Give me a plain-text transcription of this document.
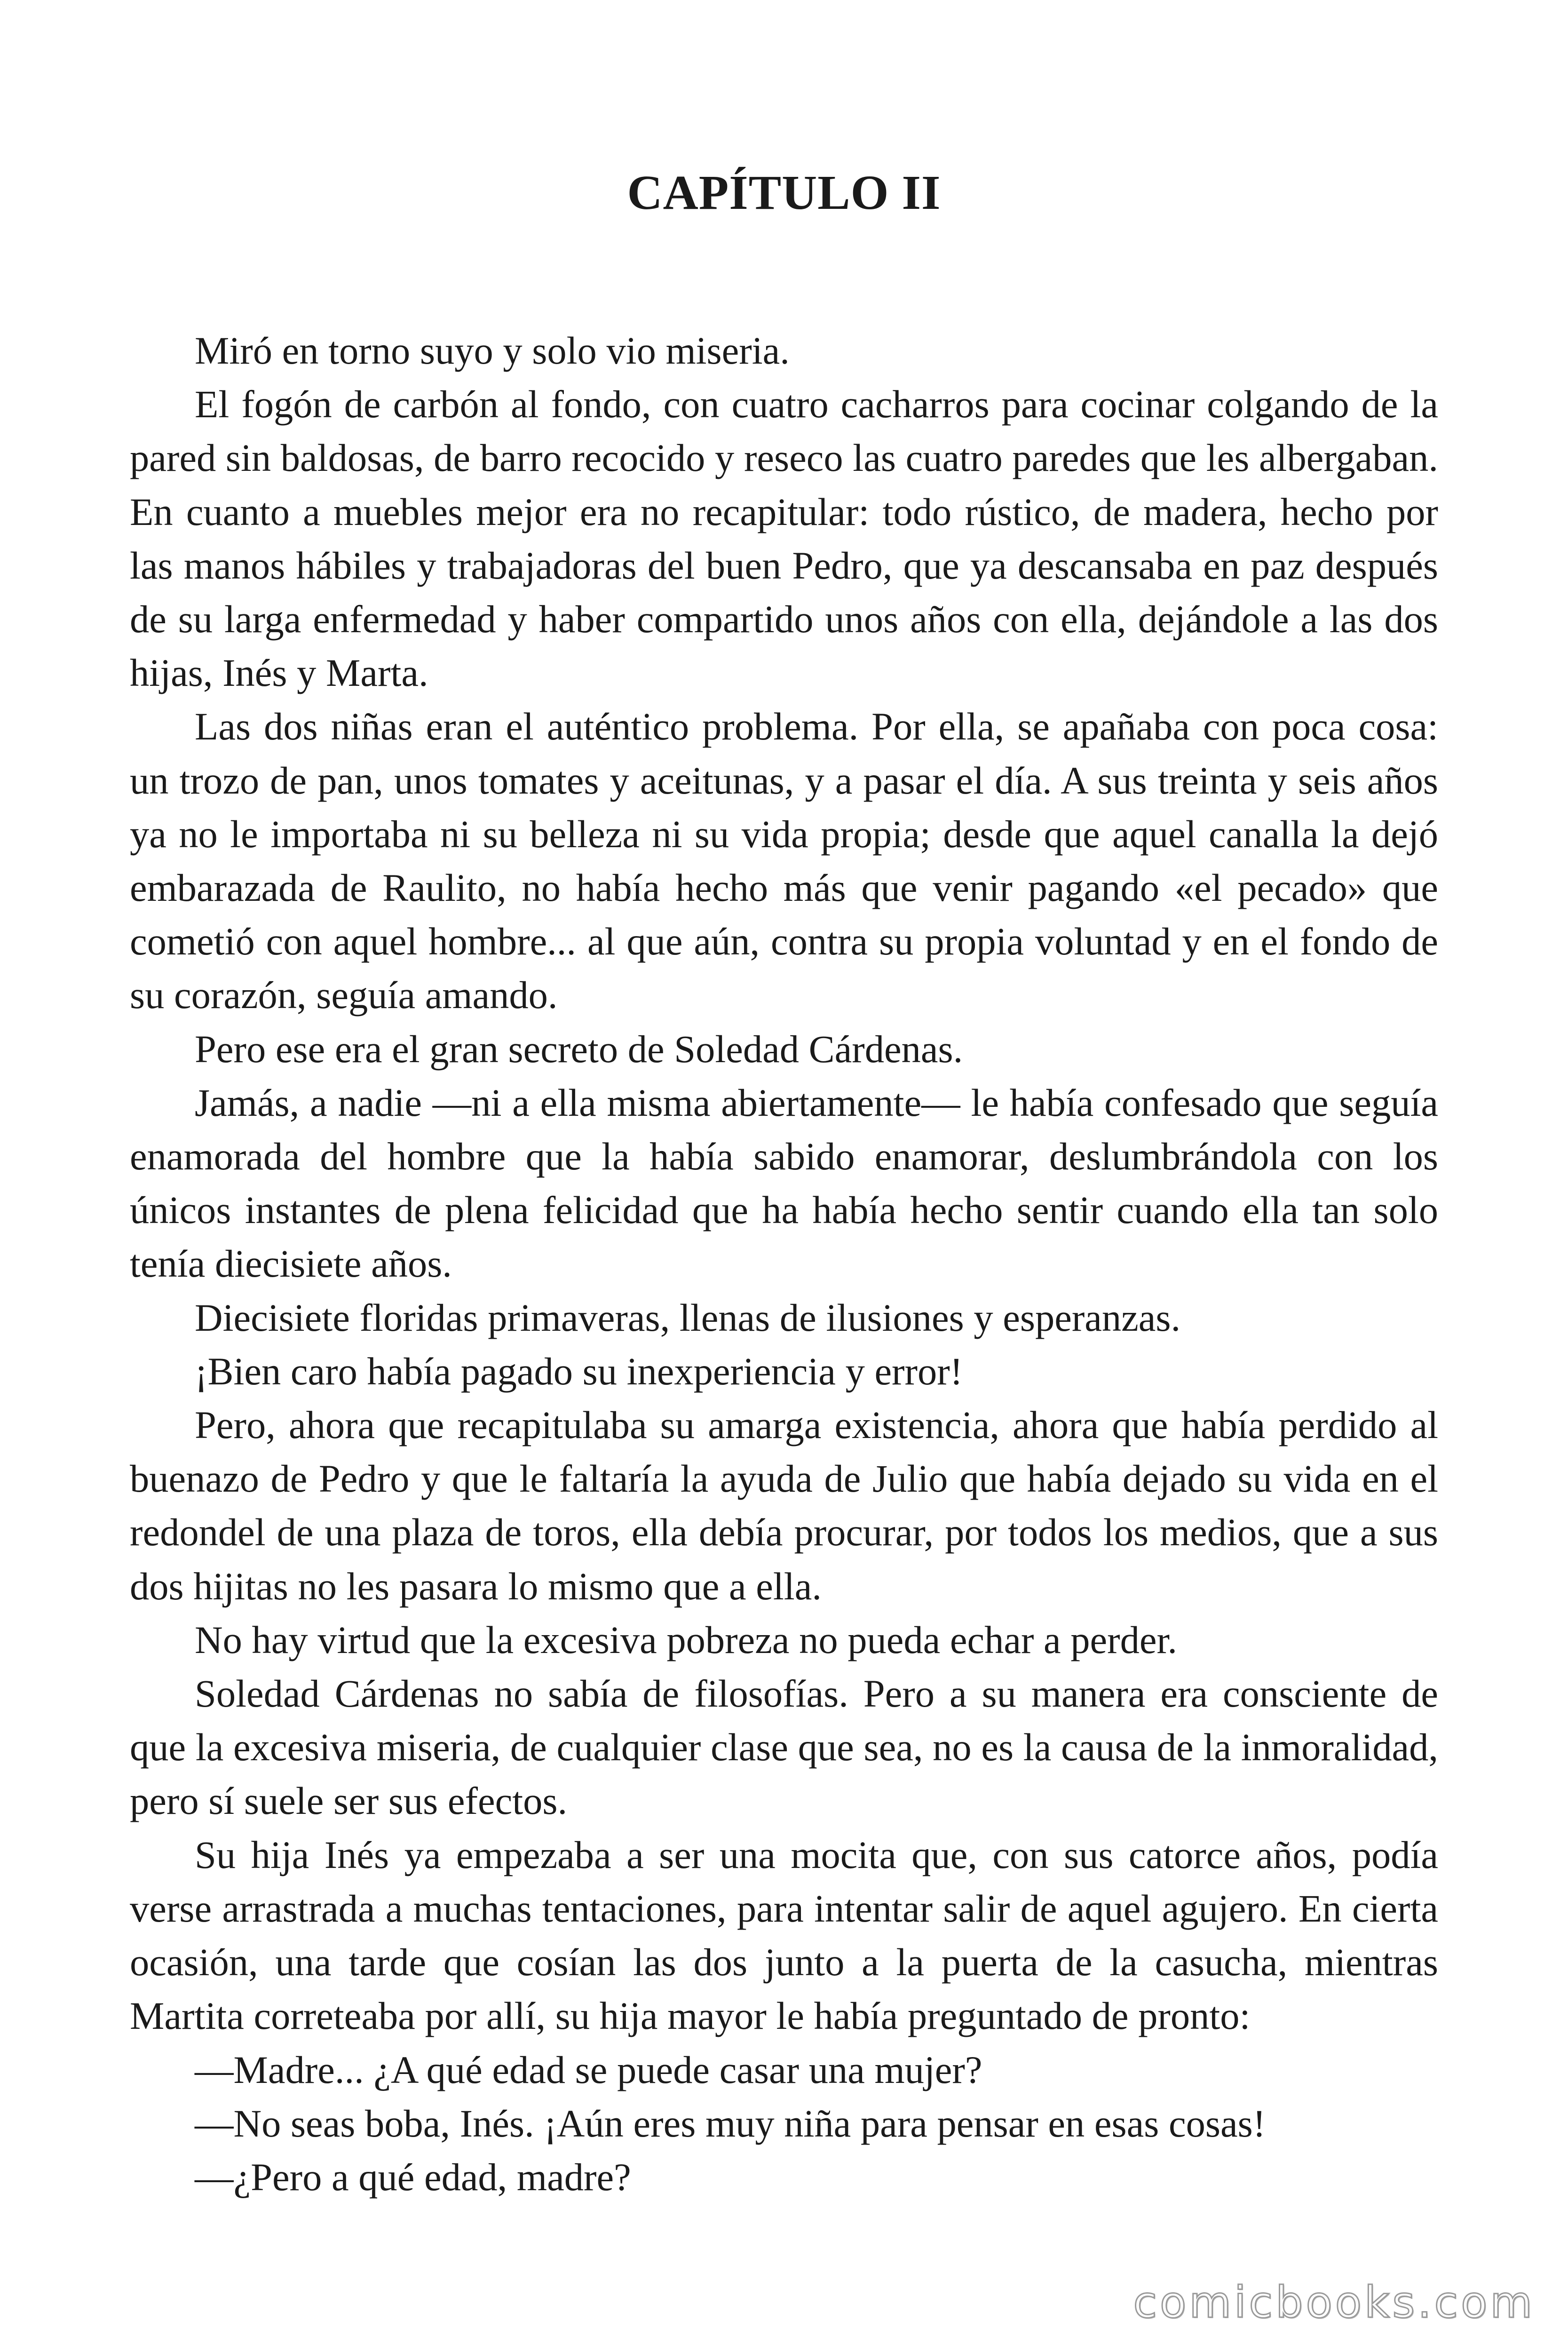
CAPÍTULO II

Miró en torno suyo y solo vio miseria.

El fogón de carbón al fondo, con cuatro cacharros para cocinar colgando de la pared sin baldosas, de barro recocido y reseco las cuatro paredes que les albergaban. En cuanto a muebles mejor era no recapitular: todo rústico, de madera, hecho por las manos hábiles y trabajadoras del buen Pedro, que ya descansaba en paz después de su larga enfermedad y haber compartido unos años con ella, dejándole a las dos hijas, Inés y Marta.

Las dos niñas eran el auténtico problema. Por ella, se apañaba con poca cosa: un trozo de pan, unos tomates y aceitunas, y a pasar el día. A sus treinta y seis años ya no le importaba ni su belleza ni su vida propia; desde que aquel canalla la dejó embarazada de Raulito, no había hecho más que venir pagando «el pecado» que cometió con aquel hombre... al que aún, contra su propia voluntad y en el fondo de su corazón, seguía amando.

Pero ese era el gran secreto de Soledad Cárdenas.

Jamás, a nadie —ni a ella misma abiertamente— le había confesado que seguía enamorada del hombre que la había sabido enamorar, deslumbrándola con los únicos instantes de plena felicidad que ha había hecho sentir cuando ella tan solo tenía diecisiete años.

Diecisiete floridas primaveras, llenas de ilusiones y esperanzas.

¡Bien caro había pagado su inexperiencia y error!

Pero, ahora que recapitulaba su amarga existencia, ahora que había perdido al buenazo de Pedro y que le faltaría la ayuda de Julio que había dejado su vida en el redondel de una plaza de toros, ella debía procurar, por todos los medios, que a sus dos hijitas no les pasara lo mismo que a ella.

No hay virtud que la excesiva pobreza no pueda echar a perder.

Soledad Cárdenas no sabía de filosofías. Pero a su manera era consciente de que la excesiva miseria, de cualquier clase que sea, no es la causa de la inmoralidad, pero sí suele ser sus efectos.

Su hija Inés ya empezaba a ser una mocita que, con sus catorce años, podía verse arrastrada a muchas tentaciones, para intentar salir de aquel agujero. En cierta ocasión, una tarde que cosían las dos junto a la puerta de la casucha, mientras Martita correteaba por allí, su hija mayor le había preguntado de pronto:

—Madre... ¿A qué edad se puede casar una mujer?

—No seas boba, Inés. ¡Aún eres muy niña para pensar en esas cosas!

—¿Pero a qué edad, madre?

comicbooks.com
